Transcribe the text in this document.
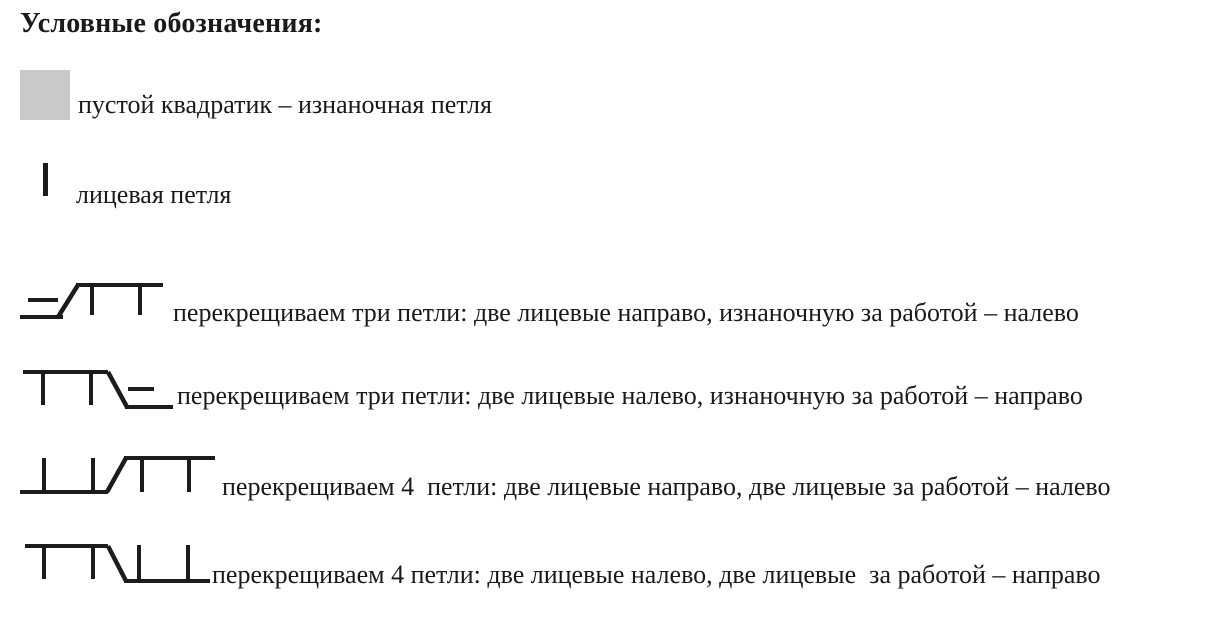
Условные обозначения:
пустой квадратик – изнаночная петля
лицевая петля
перекрещиваем три петли: две лицевые направо, изнаночную за работой – налево
перекрещиваем три петли: две лицевые налево, изнаночную за работой – направо
перекрещиваем 4  петли: две лицевые направо, две лицевые за работой – налево
перекрещиваем 4 петли: две лицевые налево, две лицевые  за работой – направо
